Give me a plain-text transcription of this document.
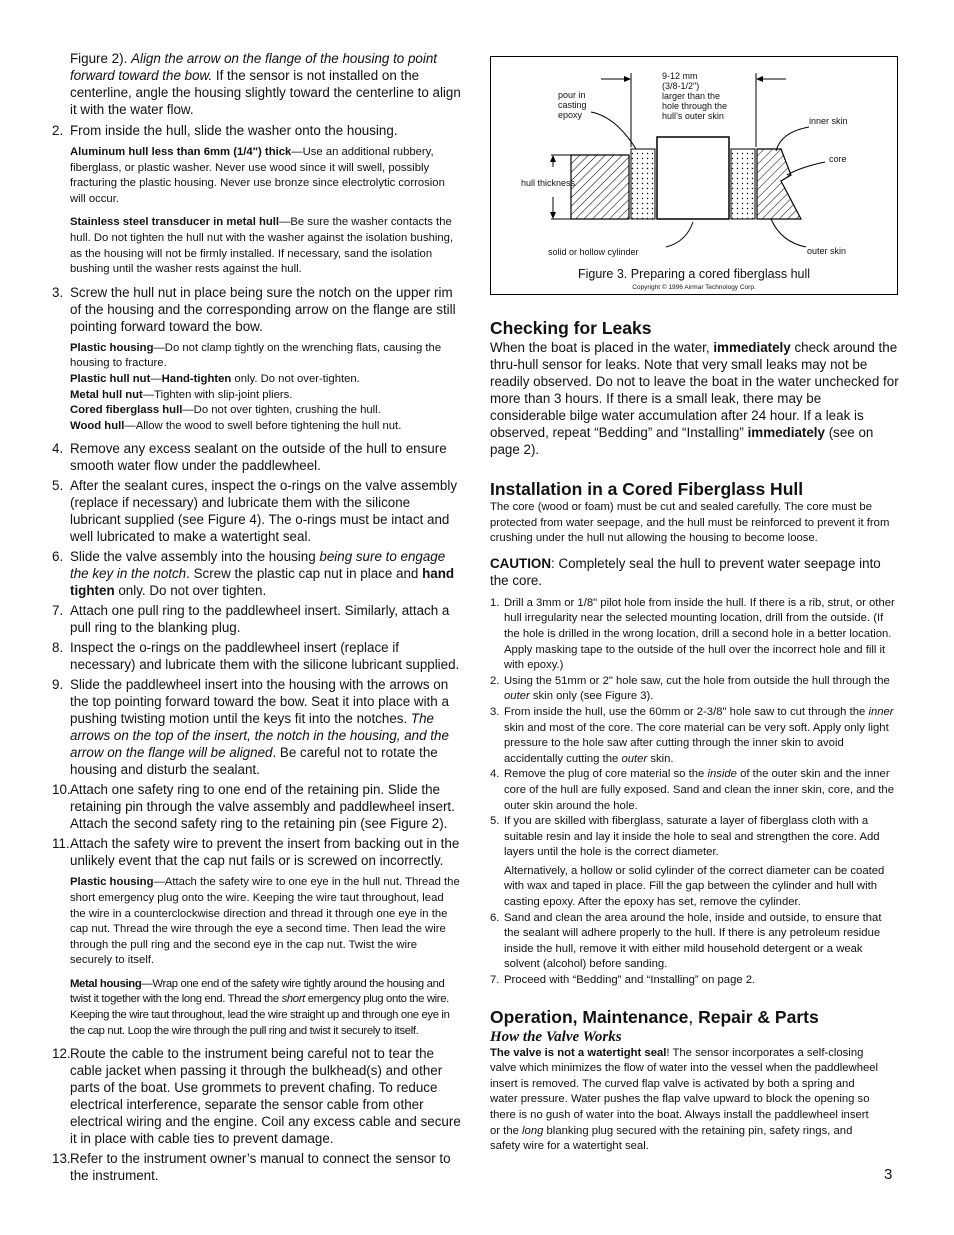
Figure 2). Align the arrow on the flange of the housing to point forward toward the bow. If the sensor is not installed on the centerline, angle the housing slightly toward the centerline to align it with the water flow.

2. From inside the hull, slide the washer onto the housing.

Aluminum hull less than 6mm (1/4") thick—Use an additional rubbery, fiberglass, or plastic washer. Never use wood since it will swell, possibly fracturing the plastic housing. Never use bronze since electrolytic corrosion will occur.

Stainless steel transducer in metal hull—Be sure the washer contacts the hull. Do not tighten the hull nut with the washer against the isolation bushing, as the housing will not be firmly installed. If necessary, sand the isolation bushing until the washer rests against the hull.

3. Screw the hull nut in place being sure the notch on the upper rim of the housing and the corresponding arrow on the flange are still pointing forward toward the bow.

Plastic housing—Do not clamp tightly on the wrenching flats, causing the housing to fracture.

Plastic hull nut—Hand-tighten only. Do not over-tighten.

Metal hull nut—Tighten with slip-joint pliers.

Cored fiberglass hull—Do not over tighten, crushing the hull.

Wood hull—Allow the wood to swell before tightening the hull nut.

4. Remove any excess sealant on the outside of the hull to ensure smooth water flow under the paddlewheel.
5. After the sealant cures, inspect the o-rings on the valve assembly (replace if necessary) and lubricate them with the silicone lubricant supplied (see Figure 4). The o-rings must be intact and well lubricated to make a watertight seal.
6. Slide the valve assembly into the housing being sure to engage the key in the notch. Screw the plastic cap nut in place and hand tighten only. Do not over tighten.
7. Attach one pull ring to the paddlewheel insert. Similarly, attach a pull ring to the blanking plug.
8. Inspect the o-rings on the paddlewheel insert (replace if necessary) and lubricate them with the silicone lubricant supplied.
9. Slide the paddlewheel insert into the housing with the arrows on the top pointing forward toward the bow. Seat it into place with a pushing twisting motion until the keys fit into the notches. The arrows on the top of the insert, the notch in the housing, and the arrow on the flange will be aligned. Be careful not to rotate the housing and disturb the sealant.
10. Attach one safety ring to one end of the retaining pin. Slide the retaining pin through the valve assembly and paddlewheel insert. Attach the second safety ring to the retaining pin (see Figure 2).
11. Attach the safety wire to prevent the insert from backing out in the unlikely event that the cap nut fails or is screwed on incorrectly.

Plastic housing—Attach the safety wire to one eye in the hull nut. Thread the short emergency plug onto the wire. Keeping the wire taut throughout, lead the wire in a counterclockwise direction and thread it through one eye in the cap nut. Thread the wire through the eye a second time. Then lead the wire through the pull ring and the second eye in the cap nut. Twist the wire securely to itself.

Metal housing—Wrap one end of the safety wire tightly around the housing and twist it together with the long end. Thread the short emergency plug onto the wire. Keeping the wire taut throughout, lead the wire straight up and through one eye in the cap nut. Loop the wire through the pull ring and twist it securely to itself.

12. Route the cable to the instrument being careful not to tear the cable jacket when passing it through the bulkhead(s) and other parts of the boat. Use grommets to prevent chafing. To reduce electrical interference, separate the sensor cable from other electrical wiring and the engine. Coil any excess cable and secure it in place with cable ties to prevent damage.
13. Refer to the instrument owner’s manual to connect the sensor to the instrument.
pour in
casting
epoxy
9-12 mm
(3/8-1/2")
larger than the
hole through the
hull’s outer skin	inner skin
core
hull thickness
solid or hollow cylinder	outer skin
Figure 3. Preparing a cored fiberglass hull
Copyright © 1996 Airmar Technology Corp.
Checking for Leaks

When the boat is placed in the water, immediately check around the thru-hull sensor for leaks. Note that very small leaks may not be readily observed. Do not to leave the boat in the water unchecked for more than 3 hours. If there is a small leak, there may be considerable bilge water accumulation after 24 hour. If a leak is observed, repeat “Bedding” and “Installing” immediately (see on page 2).

Installation in a Cored Fiberglass Hull

The core (wood or foam) must be cut and sealed carefully. The core must be protected from water seepage, and the hull must be reinforced to prevent it from crushing under the hull nut allowing the housing to become loose.

CAUTION: Completely seal the hull to prevent water seepage into the core.

1. Drill a 3mm or 1/8" pilot hole from inside the hull. If there is a rib, strut, or other hull irregularity near the selected mounting location, drill from the outside. (If the hole is drilled in the wrong location, drill a second hole in a better location. Apply masking tape to the outside of the hull over the incorrect hole and fill it with epoxy.)
2. Using the 51mm or 2" hole saw, cut the hole from outside the hull through the outer skin only (see Figure 3).
3. From inside the hull, use the 60mm or 2-3/8" hole saw to cut through the inner skin and most of the core. The core material can be very soft. Apply only light pressure to the hole saw after cutting through the inner skin to avoid accidentally cutting the outer skin.
4. Remove the plug of core material so the inside of the outer skin and the inner core of the hull are fully exposed. Sand and clean the inner skin, core, and the outer skin around the hole.
5. If you are skilled with fiberglass, saturate a layer of fiberglass cloth with a suitable resin and lay it inside the hole to seal and strengthen the core. Add layers until the hole is the correct diameter.
Alternatively, a hollow or solid cylinder of the correct diameter can be coated with wax and taped in place. Fill the gap between the cylinder and hull with casting epoxy. After the epoxy has set, remove the cylinder.
6. Sand and clean the area around the hole, inside and outside, to ensure that the sealant will adhere properly to the hull. If there is any petroleum residue inside the hull, remove it with either mild household detergent or a weak solvent (alcohol) before sanding.
7. Proceed with “Bedding” and “Installing” on page 2.
Operation, Maintenance, Repair & Parts
How the Valve Works

The valve is not a watertight seal! The sensor incorporates a self-closing valve which minimizes the flow of water into the vessel when the paddlewheel insert is removed. The curved flap valve is activated by both a spring and water pressure. Water pushes the flap valve upward to block the opening so there is no gush of water into the boat. Always install the paddlewheel insert or the long blanking plug secured with the retaining pin, safety rings, and safety wire for a watertight seal.

3
